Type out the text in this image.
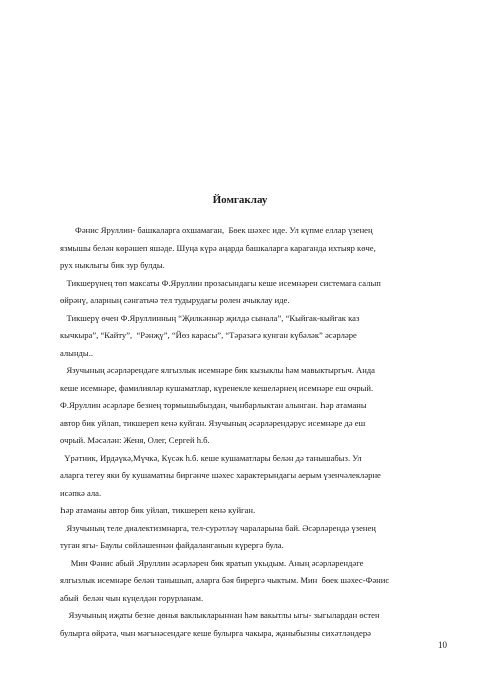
Йомгаклау

Фәнис Яруллин- башкаларга охшамаган,  Бөек шәхес иде. Ул күпме еллар үзенең

язмышы белән көрәшеп яшәде. Шуңа күрә аңарда башкаларга караганда ихтыяр көче,

рух ныклыгы бик зур булды.

Тикшерүнең төп максаты Ф.Яруллин прозасындагы кеше исемнәрен системага салып

өйрәнү, аларның сәнгатьчә тел тудырудагы ролен ачыклау иде.

Тикшерү өчен Ф.Яруллинның “Җилкәннәр җилдә сынала”, “Кыйгак-кыйгак каз

кычкыра”, “Кайту”,  “Рәнҗү”, “Йөз карасы”, “Тәрәзәгә кунган күбәләк” әсәрләре

алынды..

Язучының әсәрләрендәге ялгызлык исемнәре бик кызыклы һәм мавыктыргыч. Анда

кеше исемнәре, фамилияләр кушаматлар, күренекле кешеләрнең исемнәре еш очрый.

Ф.Яруллин әсәрләре безнең тормышыбыздан, чынбарлыктан алынган. Һәр атаманы

автор бик уйлап, тикшереп кенә куйган. Язучының әсәрләрендәрус исемнәре дә еш

очрый. Мәсәлән: Женя, Олег, Сергей һ.б.

Үрәтник, Ирдәүкә,Мүчкә, Күсәк һ.б. кеше кушаматлары белән дә танышабыз. Ул

аларга тегеу яки бу кушаматны биргәнче шәхес характерындагы аерым үзенчәлекләрне

исәпкә ала.

Һәр атаманы автор бик уйлап, тикшереп кенә куйган.

Язучының теле диалектизмнарга, тел-сурәтләү чараларына бай. Әсәрләрендә үзенең

туган ягы- Баулы сөйләшеннән файдаланганын күрергә була.

Мин Фәнис абый .Яруллин әсәрләрен бик яратып укыдым. Аның әсәрләрендәге

ялгызлык исемнәре белән танышып, аларга бәя бирергә чыктым. Мин  бөек шәхес-Фәнис

абый  белән чын күңелдән горурланам.

Язучының иҗаты безне дөнья ваклыкларыннан һәм вакытлы ыгы- зыгылардан өстен

булырга өйрәтә, чын мәгънәсендәге кеше булырга чакыра, җаныбызны сихәтләндерә

10
